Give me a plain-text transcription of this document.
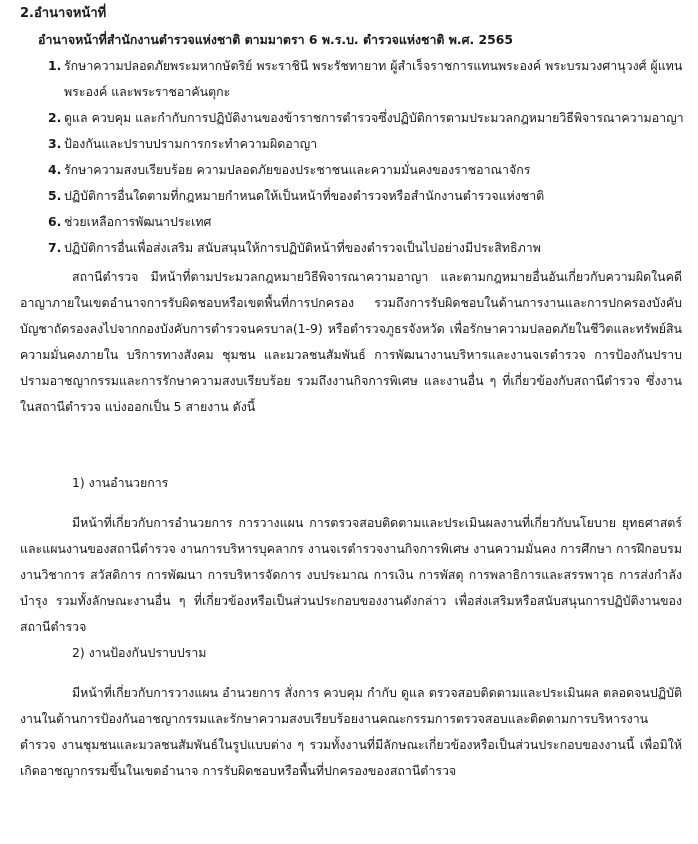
2.อำนาจหน้าที่
อำนาจหน้าที่สำนักงานตำรวจแห่งชาติ ตามมาตรา 6 พ.ร.บ. ตำรวจแห่งชาติ พ.ศ. 2565
1. รักษาความปลอดภัยพระมหากษัตริย์ พระราชินี พระรัชทายาท ผู้สำเร็จราชการแทนพระองค์ พระบรมวงศานุวงศ์ ผู้แทนพระองค์ และพระราชอาคันตุกะ
2. ดูแล ควบคุม และกำกับการปฏิบัติงานของข้าราชการตำรวจซึ่งปฏิบัติการตามประมวลกฎหมายวิธีพิจารณาความอาญา
3. ป้องกันและปราบปรามการกระทำความผิดอาญา
4. รักษาความสงบเรียบร้อย ความปลอดภัยของประชาชนและความมั่นคงของราชอาณาจักร
5. ปฏิบัติการอื่นใดตามที่กฎหมายกำหนดให้เป็นหน้าที่ของตำรวจหรือสำนักงานตำรวจแห่งชาติ
6. ช่วยเหลือการพัฒนาประเทศ
7. ปฏิบัติการอื่นเพื่อส่งเสริม สนับสนุนให้การปฏิบัติหน้าที่ของตำรวจเป็นไปอย่างมีประสิทธิภาพ

สถานีตำรวจ มีหน้าที่ตามประมวลกฎหมายวิธีพิจารณาความอาญา และตามกฎหมายอื่นอันเกี่ยวกับความผิดในคดีอาญาภายในเขตอำนาจการรับผิดชอบหรือเขตพื้นที่การปกครอง รวมถึงการรับผิดชอบในด้านการงานและการปกครองบังคับบัญชาถัดรองลงไปจากกองบังคับการตำรวจนครบาล(1-9) หรือตำรวจภูธรจังหวัด เพื่อรักษาความปลอดภัยในชีวิตและทรัพย์สิน ความมั่นคงภายใน บริการทางสังคม ชุมชน และมวลชนสัมพันธ์ การพัฒนางานบริหารและงานจเรตำรวจ การป้องกันปราบปรามอาชญากรรมและการรักษาความสงบเรียบร้อย รวมถึงงานกิจการพิเศษ และงานอื่น ๆ ที่เกี่ยวข้องกับสถานีตำรวจ ซึ่งงานในสถานีตำรวจ แบ่งออกเป็น 5 สายงาน ดังนี้

1) งานอำนวยการ

มีหน้าที่เกี่ยวกับการอำนวยการ การวางแผน การตรวจสอบติดตามและประเมินผลงานที่เกี่ยวกับนโยบาย ยุทธศาสตร์ และแผนงานของสถานีตำรวจ งานการบริหารบุคลากร งานจเรตำรวจงานกิจการพิเศษ งานความมั่นคง การศึกษา การฝึกอบรม งานวิชาการ สวัสดิการ การพัฒนา การบริหารจัดการ งบประมาณ การเงิน การพัสดุ การพลาธิการและสรรพาวุธ การส่งกำลังบำรุง รวมทั้งลักษณะงานอื่น ๆ ที่เกี่ยวข้องหรือเป็นส่วนประกอบของงานดังกล่าว เพื่อส่งเสริมหรือสนับสนุนการปฏิบัติงานของสถานีตำรวจ

2) งานป้องกันปราบปราม

มีหน้าที่เกี่ยวกับการวางแผน อำนวยการ สั่งการ ควบคุม กำกับ ดูแล ตรวจสอบติดตามและประเมินผล ตลอดจนปฏิบัติงานในด้านการป้องกันอาชญากรรมและรักษาความสงบเรียบร้อยงานคณะกรรมการตรวจสอบและติดตามการบริหารงานตำรวจ งานชุมชนและมวลชนสัมพันธ์ในรูปแบบต่าง ๆ รวมทั้งงานที่มีลักษณะเกี่ยวข้องหรือเป็นส่วนประกอบของงานนี้ เพื่อมิให้เกิดอาชญากรรมขึ้นในเขตอำนาจ การรับผิดชอบหรือพื้นที่ปกครองของสถานีตำรวจ
